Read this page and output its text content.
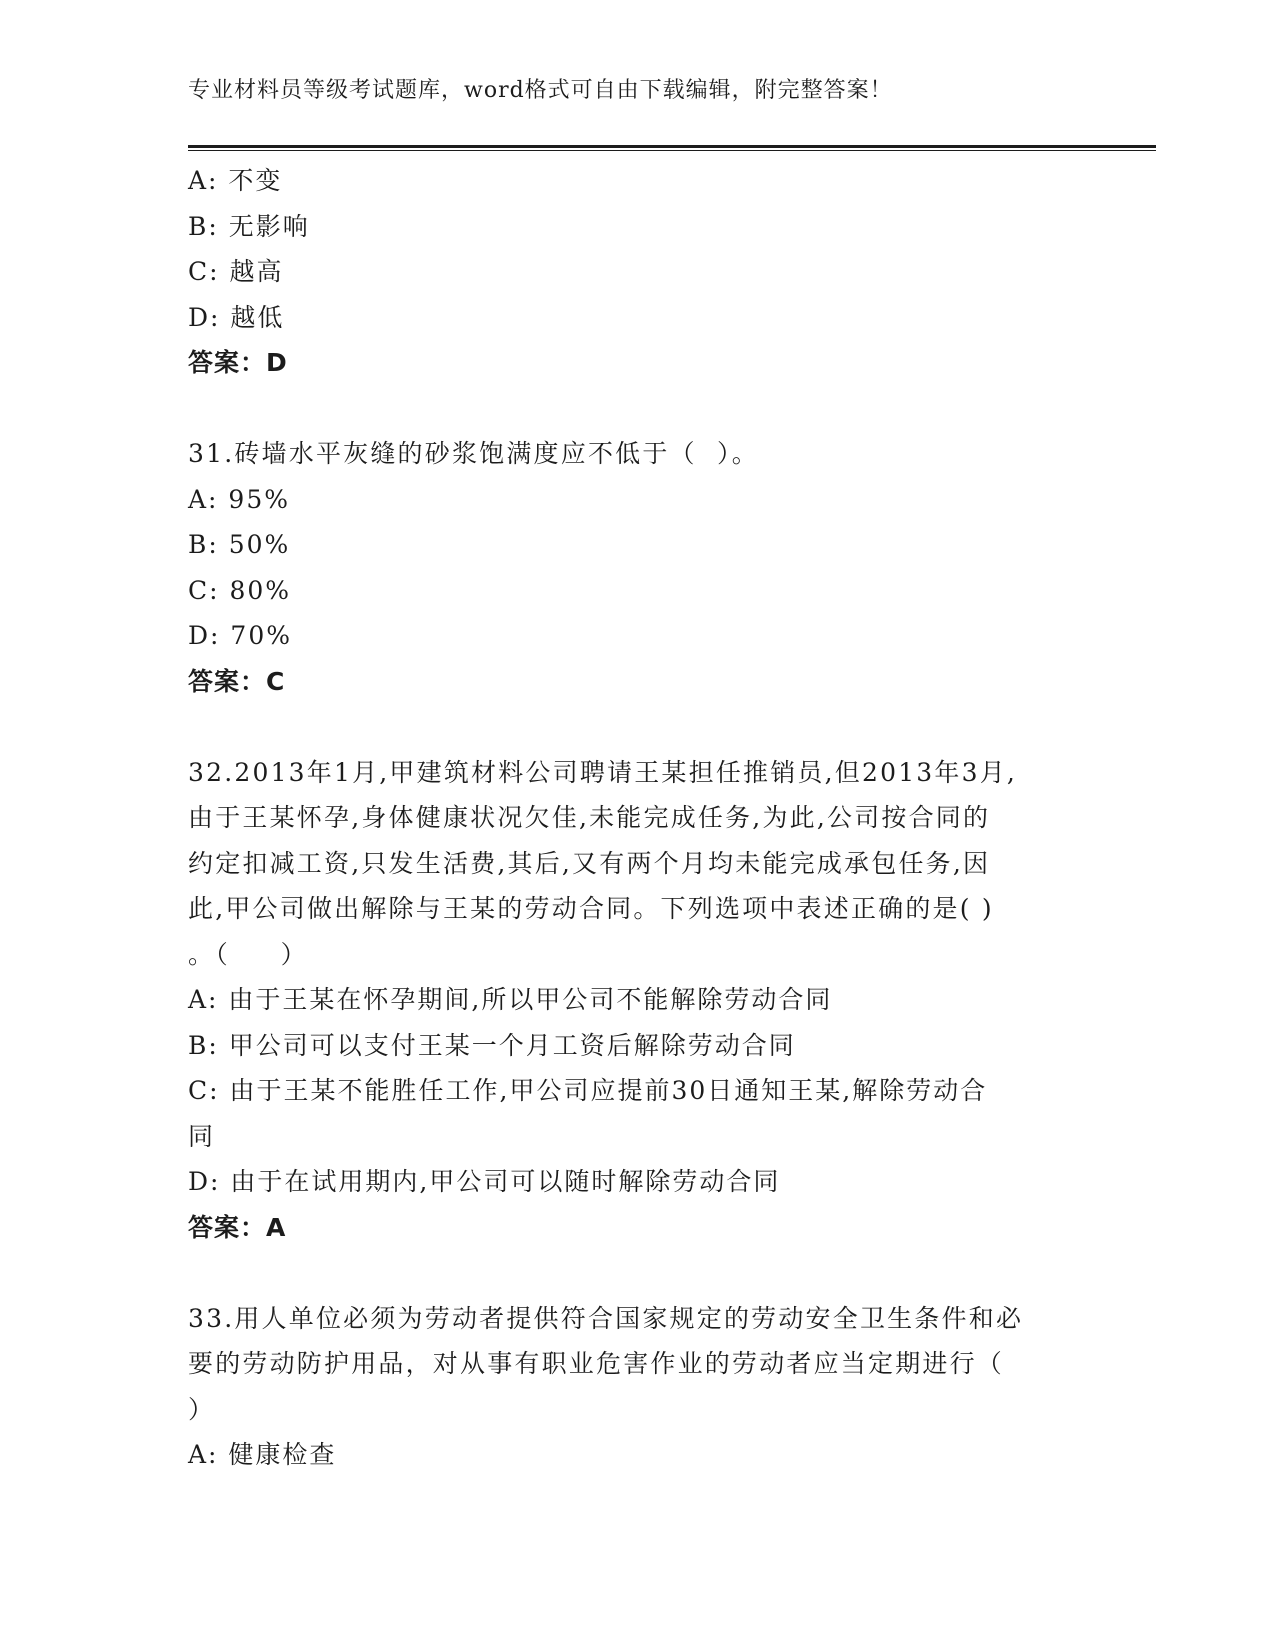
专业材料员等级考试题库，word格式可自由下载编辑，附完整答案！
A: 不变
B: 无影响
C: 越高
D: 越低
答案：D
31.砖墙水平灰缝的砂浆饱满度应不低于（  ）。
A: 95%
B: 50%
C: 80%
D: 70%
答案：C
32.2013年1月,甲建筑材料公司聘请王某担任推销员,但2013年3月,
由于王某怀孕,身体健康状况欠佳,未能完成任务,为此,公司按合同的
约定扣减工资,只发生活费,其后,又有两个月均未能完成承包任务,因
此,甲公司做出解除与王某的劳动合同。下列选项中表述正确的是( )
。（     ）
A: 由于王某在怀孕期间,所以甲公司不能解除劳动合同
B: 甲公司可以支付王某一个月工资后解除劳动合同
C: 由于王某不能胜任工作,甲公司应提前30日通知王某,解除劳动合
同
D: 由于在试用期内,甲公司可以随时解除劳动合同
答案：A
33.用人单位必须为劳动者提供符合国家规定的劳动安全卫生条件和必
要的劳动防护用品，对从事有职业危害作业的劳动者应当定期进行（
）
A: 健康检查
